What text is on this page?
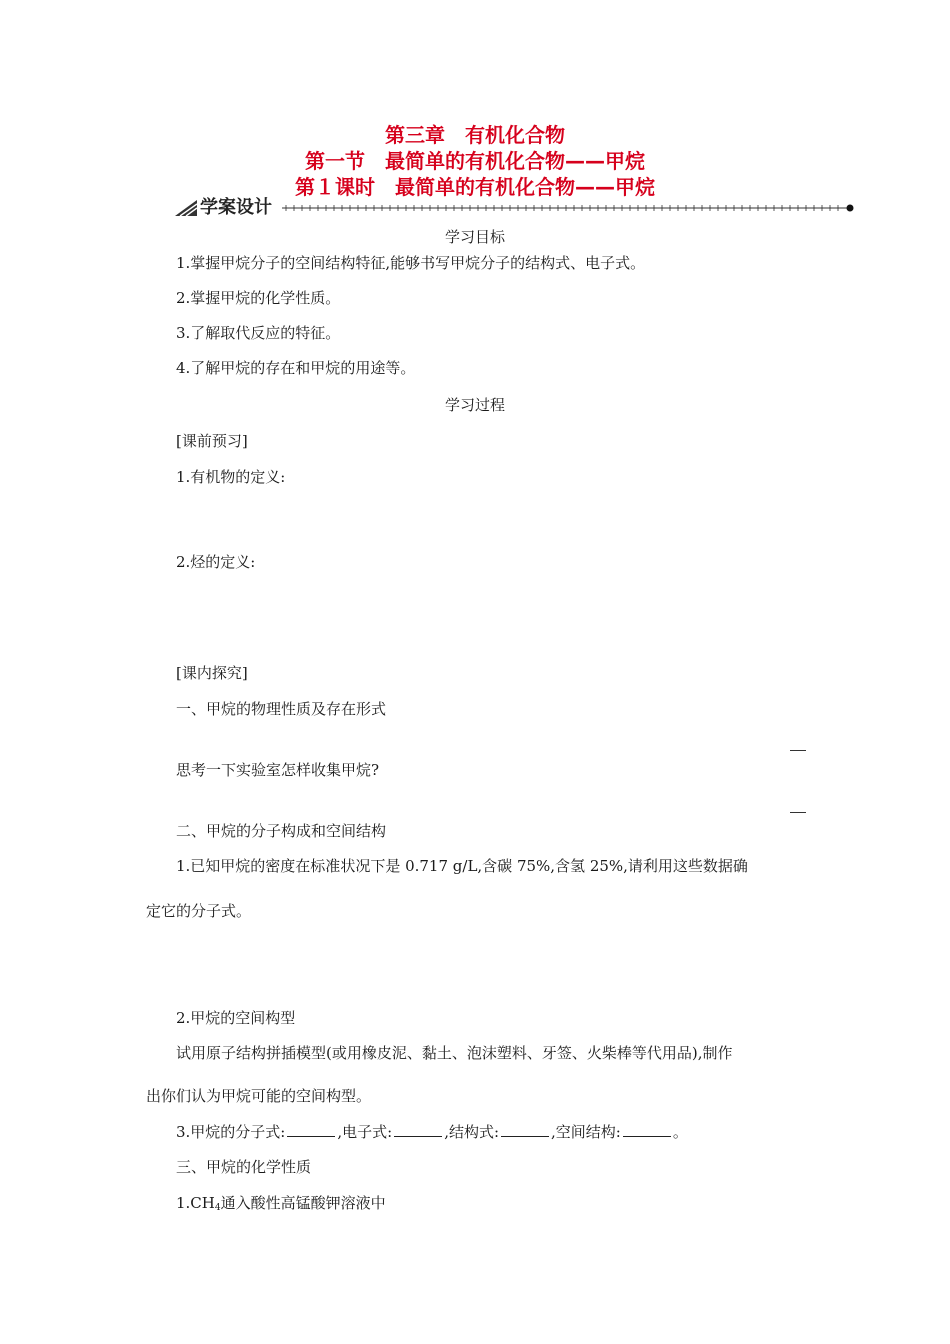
第三章　有机化合物
第一节　最简单的有机化合物——甲烷
第１课时　最简单的有机化合物——甲烷
学案设计
学习目标
1.掌握甲烷分子的空间结构特征,能够书写甲烷分子的结构式、电子式。
2.掌握甲烷的化学性质。
3.了解取代反应的特征。
4.了解甲烷的存在和甲烷的用途等。
学习过程
[课前预习]
1.有机物的定义:
2.烃的定义:
[课内探究]
一、甲烷的物理性质及存在形式
思考一下实验室怎样收集甲烷?
二、甲烷的分子构成和空间结构
1.已知甲烷的密度在标准状况下是 0.717 g/L,含碳 75%,含氢 25%,请利用这些数据确
定它的分子式。
2.甲烷的空间构型
试用原子结构拼插模型(或用橡皮泥、黏土、泡沫塑料、牙签、火柴棒等代用品),制作
出你们认为甲烷可能的空间构型。
3.甲烷的分子式:	,电子式:	,结构式:	,空间结构:	。
三、甲烷的化学性质
$1.CH_4$通入酸性高锰酸钾溶液中
